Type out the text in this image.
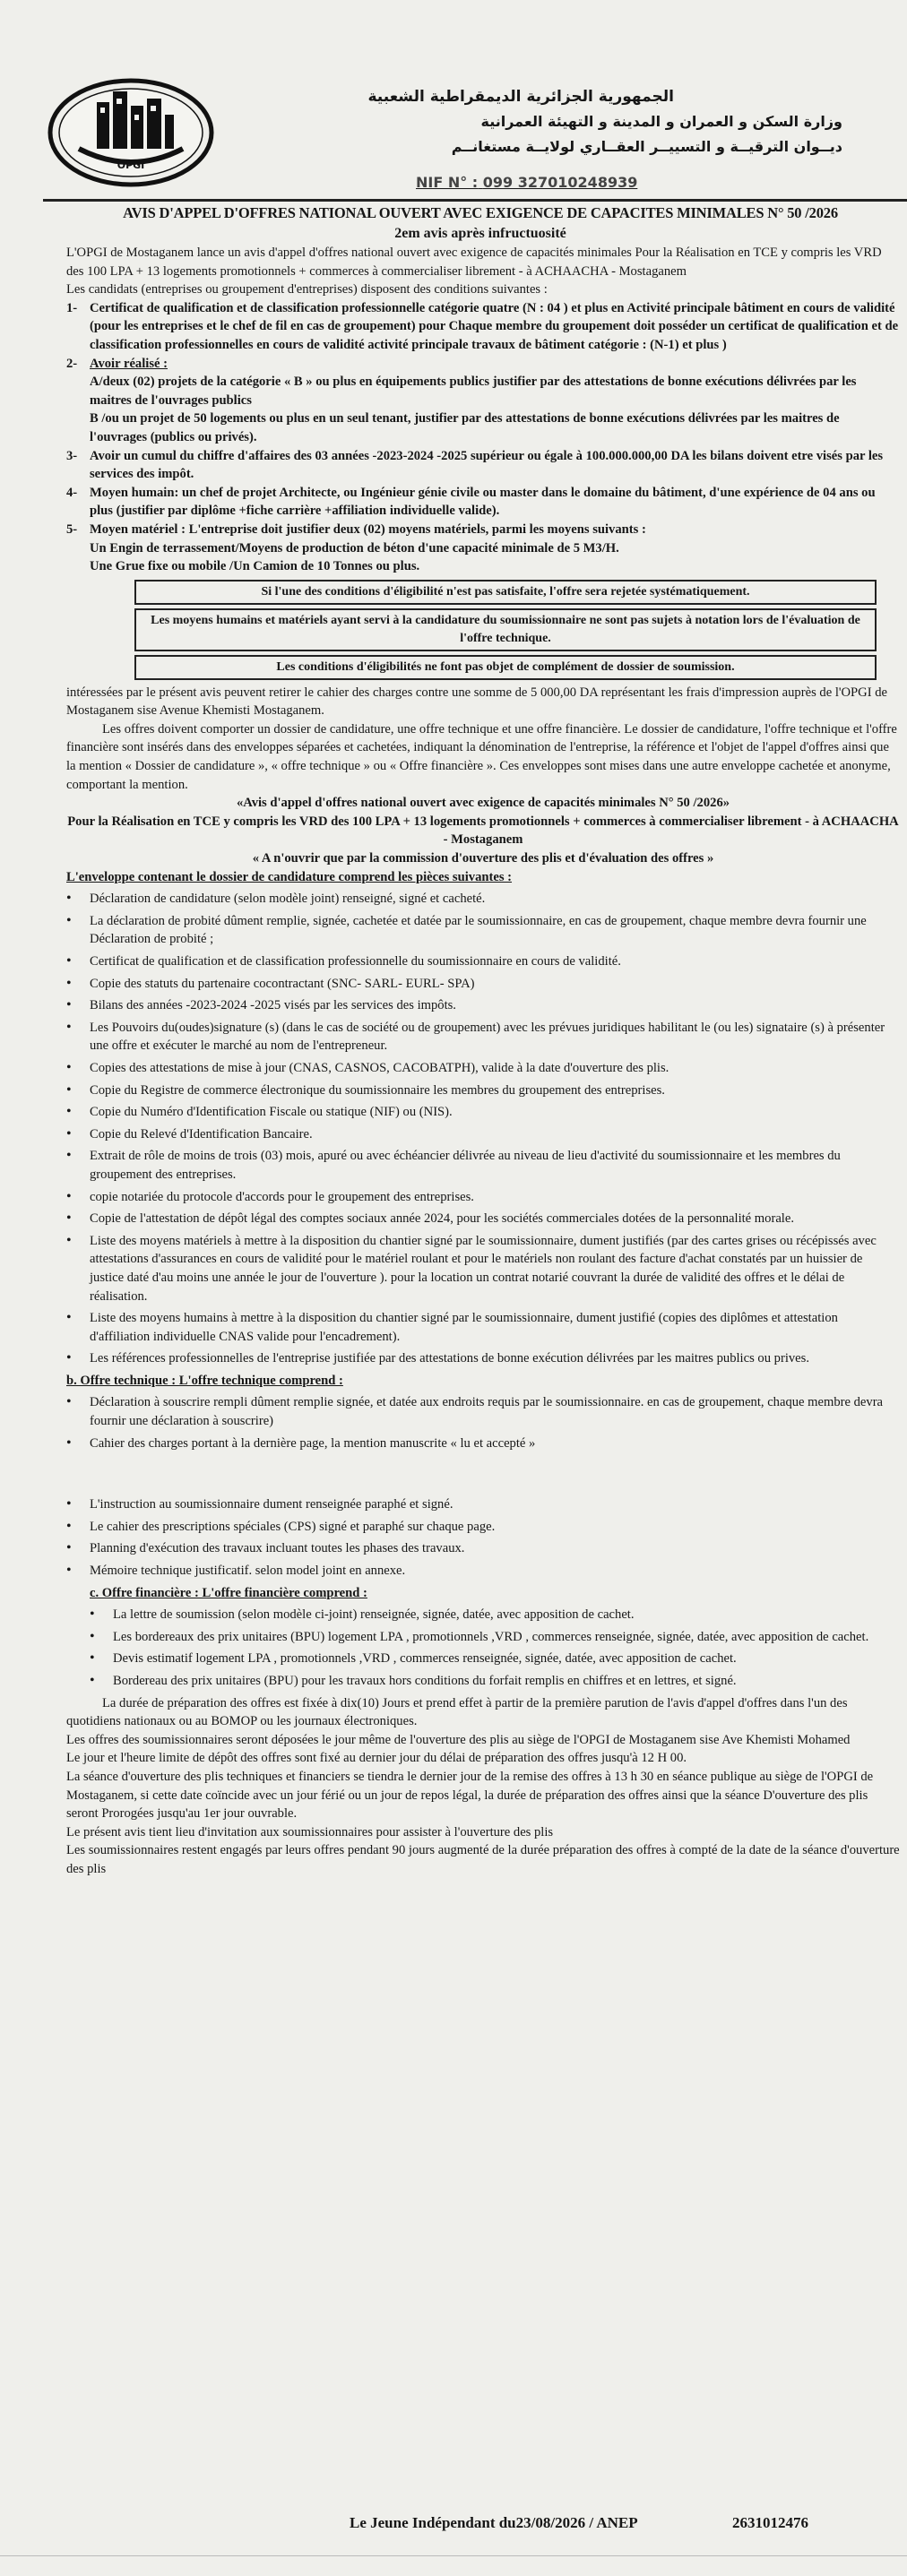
OPGI
الجمهورية الجزائرية الديمقراطية الشعبية
وزارة السكن و العمران و المدينة و التهيئة العمرانية
ديــوان الترقيــة و التسييــر العقــاري لولايــة مستغانــم
NIF N° : 099 327010248939
AVIS D'APPEL D'OFFRES NATIONAL OUVERT AVEC EXIGENCE DE CAPACITES MINIMALES N° 50 /2026
2em avis après infructuosité

L'OPGI de Mostaganem lance un avis d'appel d'offres national ouvert avec exigence de capacités minimales Pour la Réalisation en TCE y compris les VRD des 100 LPA + 13 logements promotionnels + commerces à commercialiser librement - à ACHAACHA - Mostaganem

Les candidats (entreprises ou groupement d'entreprises) disposent des conditions suivantes :

1- Certificat de qualification et de classification professionnelle catégorie quatre (N : 04 ) et plus en Activité principale bâtiment en cours de validité (pour les entreprises et le chef de fil en cas de groupement) pour Chaque membre du groupement doit posséder un certificat de qualification et de classification professionnelles en cours de validité activité principale travaux de bâtiment catégorie : (N-1) et plus )
2- Avoir réalisé :

A/deux (02) projets de la catégorie « B » ou plus en équipements publics justifier par des attestations de bonne exécutions délivrées par les maitres de l'ouvrages publics

B /ou un projet de 50 logements ou plus en un seul tenant, justifier par des attestations de bonne exécutions délivrées par les maitres de l'ouvrages (publics ou privés).

3- Avoir un cumul du chiffre d'affaires des 03 années -2023-2024 -2025 supérieur ou égale à 100.000.000,00 DA les bilans doivent etre visés par les services des impôt.
4- Moyen humain: un chef de projet Architecte, ou Ingénieur génie civile ou master dans le domaine du bâtiment, d'une expérience de 04 ans ou plus (justifier par diplôme +fiche carrière +affiliation individuelle valide).
5- Moyen matériel : L'entreprise doit justifier deux (02) moyens matériels, parmi les moyens suivants :

Un Engin de terrassement/Moyens de production de béton d'une capacité minimale de 5 M3/H.

Une Grue fixe ou mobile /Un Camion de 10 Tonnes ou plus.

Si l'une des conditions d'éligibilité n'est pas satisfaite, l'offre sera rejetée systématiquement.
Les moyens humains et matériels ayant servi à la candidature du soumissionnaire ne sont pas sujets à notation lors de l'évaluation de l'offre technique.
Les conditions d'éligibilités ne font pas objet de complément de dossier de soumission.

intéressées par le présent avis peuvent retirer le cahier des charges contre une somme de 5 000,00 DA représentant les frais d'impression auprès de l'OPGI de Mostaganem sise Avenue Khemisti Mostaganem.

Les offres doivent comporter un dossier de candidature, une offre technique et une offre financière. Le dossier de candidature, l'offre technique et l'offre financière sont insérés dans des enveloppes séparées et cachetées, indiquant la dénomination de l'entreprise, la référence et l'objet de l'appel d'offres ainsi que la mention « Dossier de candidature », « offre technique » ou « Offre financière ». Ces enveloppes sont mises dans une autre enveloppe cachetée et anonyme, comportant la mention.

«Avis d'appel d'offres national ouvert avec exigence de capacités minimales N° 50 /2026»

Pour la Réalisation en TCE y compris les VRD des 100 LPA + 13 logements promotionnels + commerces à commercialiser librement - à ACHAACHA - Mostaganem

« A n'ouvrir que par la commission d'ouverture des plis et d'évaluation des offres »

L'enveloppe contenant le dossier de candidature comprend les pièces suivantes :

• Déclaration de candidature (selon modèle joint) renseigné, signé et cacheté.
• La déclaration de probité dûment remplie, signée, cachetée et datée par le soumissionnaire, en cas de groupement, chaque membre devra fournir une Déclaration de probité ;
• Certificat de qualification et de classification professionnelle du soumissionnaire en cours de validité.
• Copie des statuts du partenaire cocontractant (SNC- SARL- EURL- SPA)
• Bilans des années -2023-2024 -2025 visés par les services des impôts.
• Les Pouvoirs du(oudes)signature (s) (dans le cas de société ou de groupement) avec les prévues juridiques habilitant le (ou les) signataire (s) à présenter une offre et exécuter le marché au nom de l'entrepreneur.
• Copies des attestations de mise à jour (CNAS, CASNOS, CACOBATPH), valide à la date d'ouverture des plis.
• Copie du Registre de commerce électronique du soumissionnaire les membres du groupement des entreprises.
• Copie du Numéro d'Identification Fiscale ou statique (NIF) ou (NIS).
• Copie du Relevé d'Identification Bancaire.
• Extrait de rôle de moins de trois (03) mois, apuré ou avec échéancier délivrée au niveau de lieu d'activité du soumissionnaire et les membres du groupement des entreprises.
• copie notariée du protocole d'accords pour le groupement des entreprises.
• Copie de l'attestation de dépôt légal des comptes sociaux année 2024, pour les sociétés commerciales dotées de la personnalité morale.
• Liste des moyens matériels à mettre à la disposition du chantier signé par le soumissionnaire, dument justifiés (par des cartes grises ou récépissés avec attestations d'assurances en cours de validité pour le matériel roulant et pour le matériels non roulant des facture d'achat constatés par un huissier de justice daté d'au moins une année le jour de l'ouverture ). pour la location un contrat notarié couvrant la durée de validité des offres et le délai de réalisation.
• Liste des moyens humains à mettre à la disposition du chantier signé par le soumissionnaire, dument justifié (copies des diplômes et attestation d'affiliation individuelle CNAS valide pour l'encadrement).
• Les références professionnelles de l'entreprise justifiée par des attestations de bonne exécution délivrées par les maitres publics ou prives.

b. Offre technique : L'offre technique comprend :

• Déclaration à souscrire rempli dûment remplie signée, et datée aux endroits requis par le soumissionnaire. en cas de groupement, chaque membre devra fournir une déclaration à souscrire)
• Cahier des charges portant à la dernière page, la mention manuscrite « lu et accepté »
• L'instruction au soumissionnaire dument renseignée paraphé et signé.
• Le cahier des prescriptions spéciales (CPS) signé et paraphé sur chaque page.
• Planning d'exécution des travaux incluant toutes les phases des travaux.
• Mémoire technique justificatif. selon model joint en annexe.

c. Offre financière : L'offre financière comprend :

• La lettre de soumission (selon modèle ci-joint) renseignée, signée, datée, avec apposition de cachet.
• Les bordereaux des prix unitaires (BPU) logement LPA , promotionnels ,VRD , commerces renseignée, signée, datée, avec apposition de cachet.
• Devis estimatif logement LPA , promotionnels ,VRD , commerces renseignée, signée, datée, avec apposition de cachet.
• Bordereau des prix unitaires (BPU) pour les travaux hors conditions du forfait remplis en chiffres et en lettres, et signé.

La durée de préparation des offres est fixée à dix(10) Jours et prend effet à partir de la première parution de l'avis d'appel d'offres dans l'un des quotidiens nationaux ou au BOMOP ou les journaux électroniques.

Les offres des soumissionnaires seront déposées le jour même de l'ouverture des plis au siège de l'OPGI de Mostaganem sise Ave Khemisti Mohamed

Le jour et l'heure limite de dépôt des offres sont fixé au dernier jour du délai de préparation des offres jusqu'à 12 H 00.

La séance d'ouverture des plis techniques et financiers se tiendra le dernier jour de la remise des offres à 13 h 30 en séance publique au siège de l'OPGI de Mostaganem, si cette date coïncide avec un jour férié ou un jour de repos légal, la durée de préparation des offres ainsi que la séance D'ouverture des plis seront Prorogées jusqu'au 1er jour ouvrable.

Le présent avis tient lieu d'invitation aux soumissionnaires pour assister à l'ouverture des plis

Les soumissionnaires restent engagés par leurs offres pendant 90 jours augmenté de la durée préparation des offres à compté de la date de la séance d'ouverture des plis

Le Jeune Indépendant du23/08/2026 / ANEP	2631012476
